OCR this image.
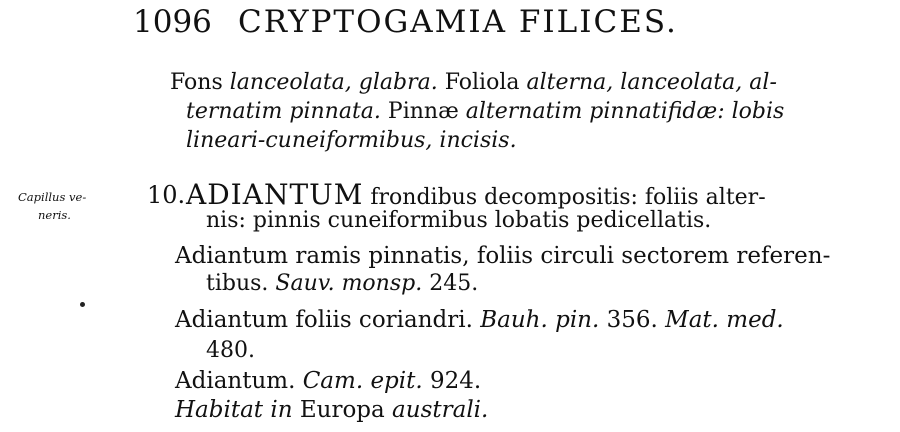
1096 CRYPTOGAMIA FILICES.
Fons lanceolata, glabra. Foliola alterna, lanceolata, al-
ternatim pinnata. Pinnæ alternatim pinnatifidæ: lobis
lineari-cuneiformibus, incisis.
Capillus ve-
neris.
10. ADIANTUM frondibus decompositis: foliis alter-
nis: pinnis cuneiformibus lobatis pedicellatis.
Adiantum ramis pinnatis, foliis circuli sectorem referen-
tibus. Sauv. monsp. 245.
Adiantum foliis coriandri. Bauh. pin. 356. Mat. med.
480.
Adiantum. Cam. epit. 924.
Habitat in Europa australi.
